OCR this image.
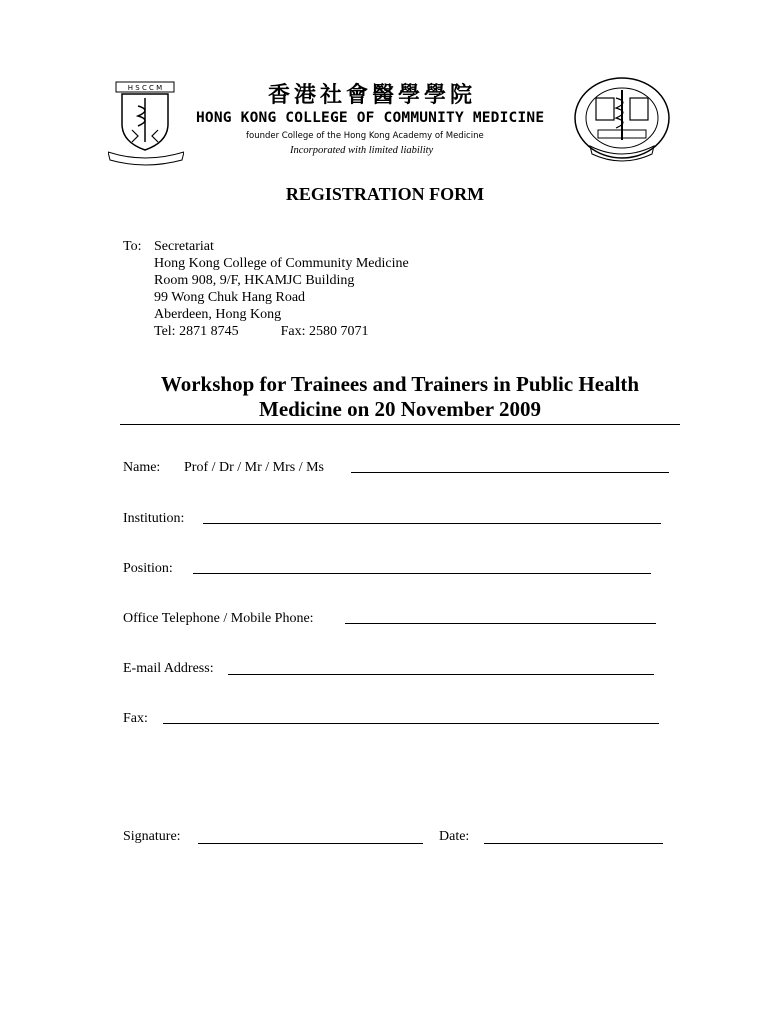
H S C C M	香港社會醫學學院
HONG KONG COLLEGE OF COMMUNITY MEDICINE
founder College of the Hong Kong Academy of Medicine
Incorporated with limited liability
REGISTRATION FORM
To: Secretariat
Hong Kong College of Community Medicine
Room 908, 9/F, HKAMJC Building
99 Wong Chuk Hang Road
Aberdeen, Hong Kong
Tel: 2871 8745	Fax: 2580 7071
Workshop for Trainees and Trainers in Public Health
Medicine on 20 November 2009
Name: Prof / Dr / Mr / Mrs / Ms
Institution:
Position:
Office Telephone / Mobile Phone:
E-mail Address:
Fax:
Signature:	Date:
